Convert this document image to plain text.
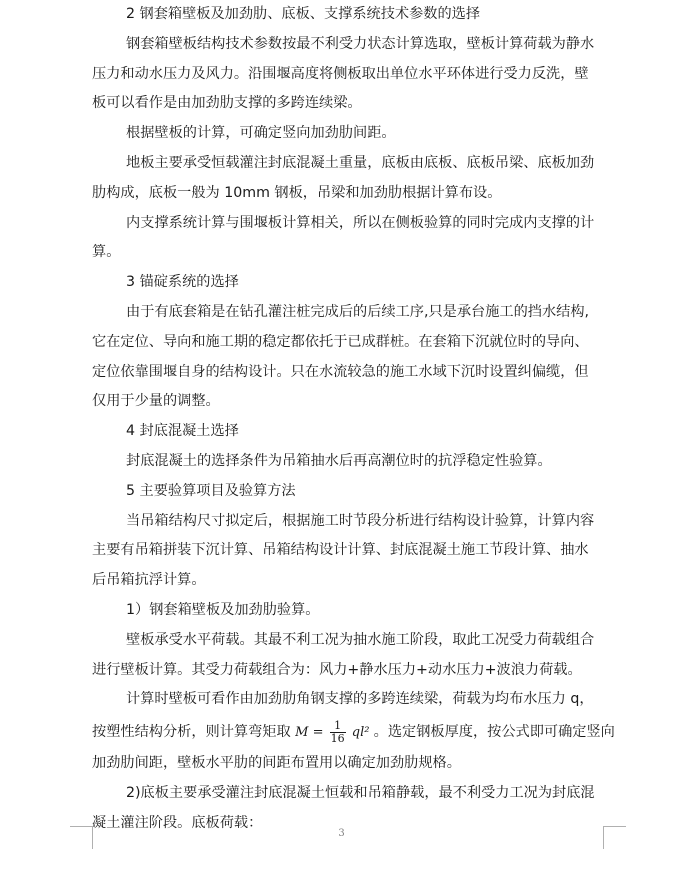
2 钢套箱壁板及加劲肋、底板、支撑系统技术参数的选择
钢套箱壁板结构技术参数按最不利受力状态计算选取，壁板计算荷载为静水
压力和动水压力及风力。沿围堰高度将侧板取出单位水平环体进行受力反洗，壁
板可以看作是由加劲肋支撑的多跨连续梁。
根据壁板的计算，可确定竖向加劲肋间距。
地板主要承受恒载灌注封底混凝土重量，底板由底板、底板吊梁、底板加劲
肋构成，底板一般为 10mm 钢板，吊梁和加劲肋根据计算布设。
内支撑系统计算与围堰板计算相关，所以在侧板验算的同时完成内支撑的计
算。
3 锚碇系统的选择
由于有底套箱是在钻孔灌注桩完成后的后续工序,只是承台施工的挡水结构,
它在定位、导向和施工期的稳定都依托于已成群桩。在套箱下沉就位时的导向、
定位依靠围堰自身的结构设计。只在水流较急的施工水域下沉时设置纠偏缆，但
仅用于少量的调整。
4 封底混凝土选择
封底混凝土的选择条件为吊箱抽水后再高潮位时的抗浮稳定性验算。
5 主要验算项目及验算方法
当吊箱结构尺寸拟定后，根据施工时节段分析进行结构设计验算，计算内容
主要有吊箱拼装下沉计算、吊箱结构设计计算、封底混凝土施工节段计算、抽水
后吊箱抗浮计算。
1）钢套箱壁板及加劲肋验算。
壁板承受水平荷载。其最不利工况为抽水施工阶段，取此工况受力荷载组合
进行壁板计算。其受力荷载组合为：风力+静水压力+动水压力+波浪力荷载。
计算时壁板可看作由加劲肋角钢支撑的多跨连续梁，荷载为均布水压力 q，
按塑性结构分析，则计算弯矩取 $M = \frac{1}{16} ql^2$ 。选定钢板厚度，按公式即可确定竖向
加劲肋间距，壁板水平肋的间距布置用以确定加劲肋规格。
2)底板主要承受灌注封底混凝土恒载和吊箱静载，最不利受力工况为封底混
凝土灌注阶段。底板荷载：
3
